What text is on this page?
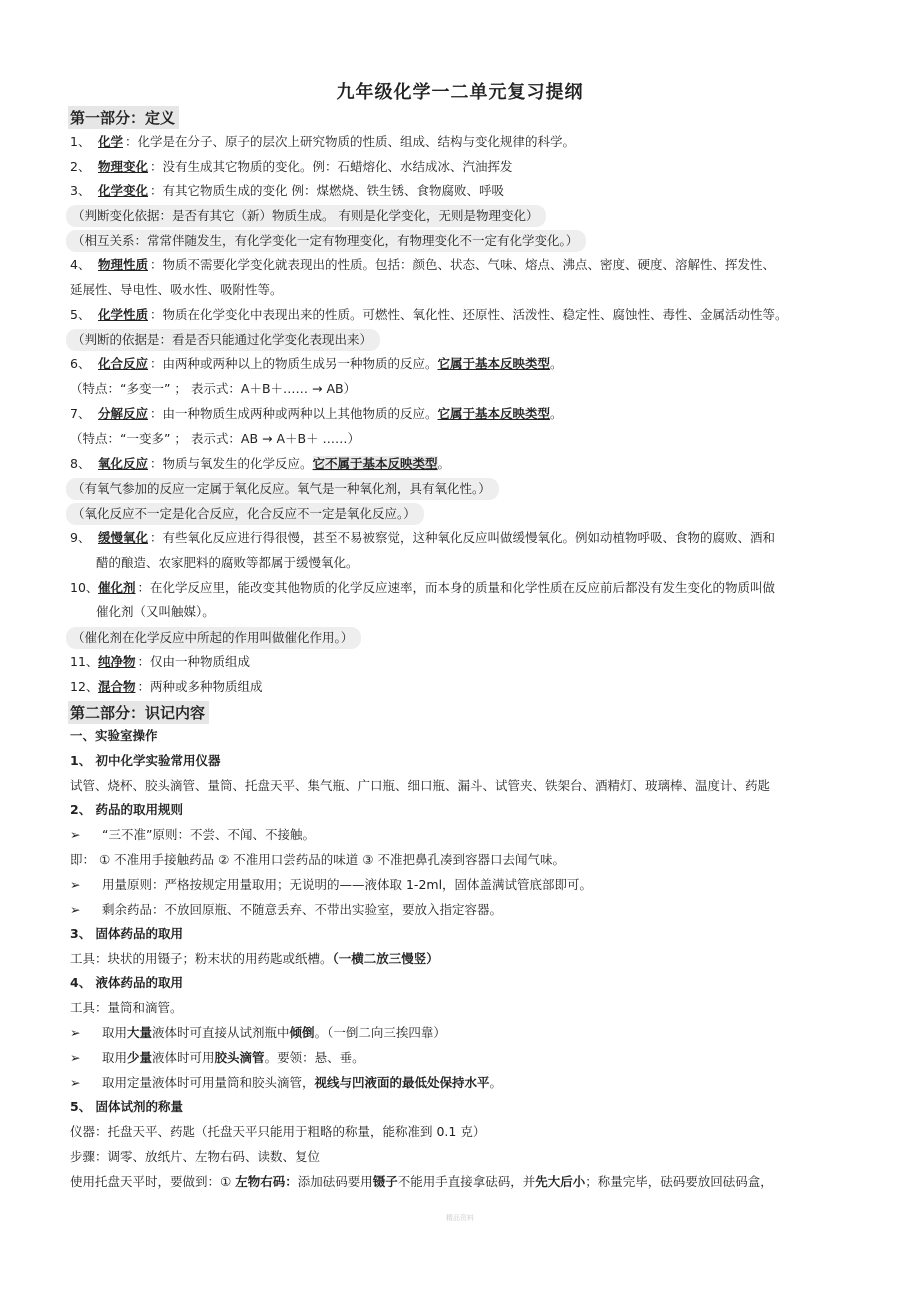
九年级化学一二单元复习提纲
第一部分：定义
1、 化学 ：化学是在分子、原子的层次上研究物质的性质、组成、结构与变化规律的科学。
2、 物理变化 ：没有生成其它物质的变化。例：石蜡熔化、水结成冰、汽油挥发
3、 化学变化 ：有其它物质生成的变化 例：煤燃烧、铁生锈、食物腐败、呼吸
（判断变化依据：是否有其它（新）物质生成。 有则是化学变化，无则是物理变化）
（相互关系：常常伴随发生，有化学变化一定有物理变化，有物理变化不一定有化学变化。）
4、 物理性质 ：物质不需要化学变化就表现出的性质。包括：颜色、状态、气味、熔点、沸点、密度、硬度、溶解性、挥发性、
延展性、导电性、吸水性、吸附性等。
5、 化学性质 ：物质在化学变化中表现出来的性质。可燃性、氧化性、还原性、活泼性、稳定性、腐蚀性、毒性、金属活动性等。
（判断的依据是：看是否只能通过化学变化表现出来）
6、 化合反应 ：由两种或两种以上的物质生成另一种物质的反应。它属于基本反映类型。
（特点：“多变一” ； 表示式：A＋B＋…… → AB）
7、 分解反应 ：由一种物质生成两种或两种以上其他物质的反应。它属于基本反映类型。
（特点：“一变多” ； 表示式：AB → A＋B＋ ……）
8、 氧化反应 ：物质与氧发生的化学反应。它不属于基本反映类型。
（有氧气参加的反应一定属于氧化反应。氧气是一种氧化剂，具有氧化性。）
（氧化反应不一定是化合反应，化合反应不一定是氧化反应。）
9、 缓慢氧化 ：有些氧化反应进行得很慢，甚至不易被察觉，这种氧化反应叫做缓慢氧化。例如动植物呼吸、食物的腐败、酒和
醋的酿造、农家肥料的腐败等都属于缓慢氧化。
10、催化剂 ：在化学反应里，能改变其他物质的化学反应速率，而本身的质量和化学性质在反应前后都没有发生变化的物质叫做
催化剂（又叫触媒）。
（催化剂在化学反应中所起的作用叫做催化作用。）
11、纯净物 ：仅由一种物质组成
12、混合物 ：两种或多种物质组成
第二部分：识记内容
一、实验室操作
1、 初中化学实验常用仪器
试管、烧杯、胶头滴管、量筒、托盘天平、集气瓶、广口瓶、细口瓶、漏斗、试管夹、铁架台、酒精灯、玻璃棒、温度计、药匙
2、 药品的取用规则
➢ “三不准”原则：不尝、不闻、不接触。
即： ① 不准用手接触药品 ② 不准用口尝药品的味道 ③ 不准把鼻孔凑到容器口去闻气味。
➢ 用量原则：严格按规定用量取用；无说明的——液体取 1-2ml，固体盖满试管底部即可。
➢ 剩余药品：不放回原瓶、不随意丢弃、不带出实验室，要放入指定容器。
3、 固体药品的取用
工具：块状的用镊子；粉末状的用药匙或纸槽。（一横二放三慢竖）
4、 液体药品的取用
工具：量筒和滴管。
➢ 取用大量液体时可直接从试剂瓶中倾倒。（一倒二向三挨四靠）
➢ 取用少量液体时可用胶头滴管。要领：悬、垂。
➢ 取用定量液体时可用量筒和胶头滴管，视线与凹液面的最低处保持水平。
5、 固体试剂的称量
仪器：托盘天平、药匙（托盘天平只能用于粗略的称量，能称准到 0.1 克）
步骤：调零、放纸片、左物右码、读数、复位
使用托盘天平时，要做到：① 左物右码：添加砝码要用镊子不能用手直接拿砝码，并先大后小；称量完毕，砝码要放回砝码盒，
精品资料
